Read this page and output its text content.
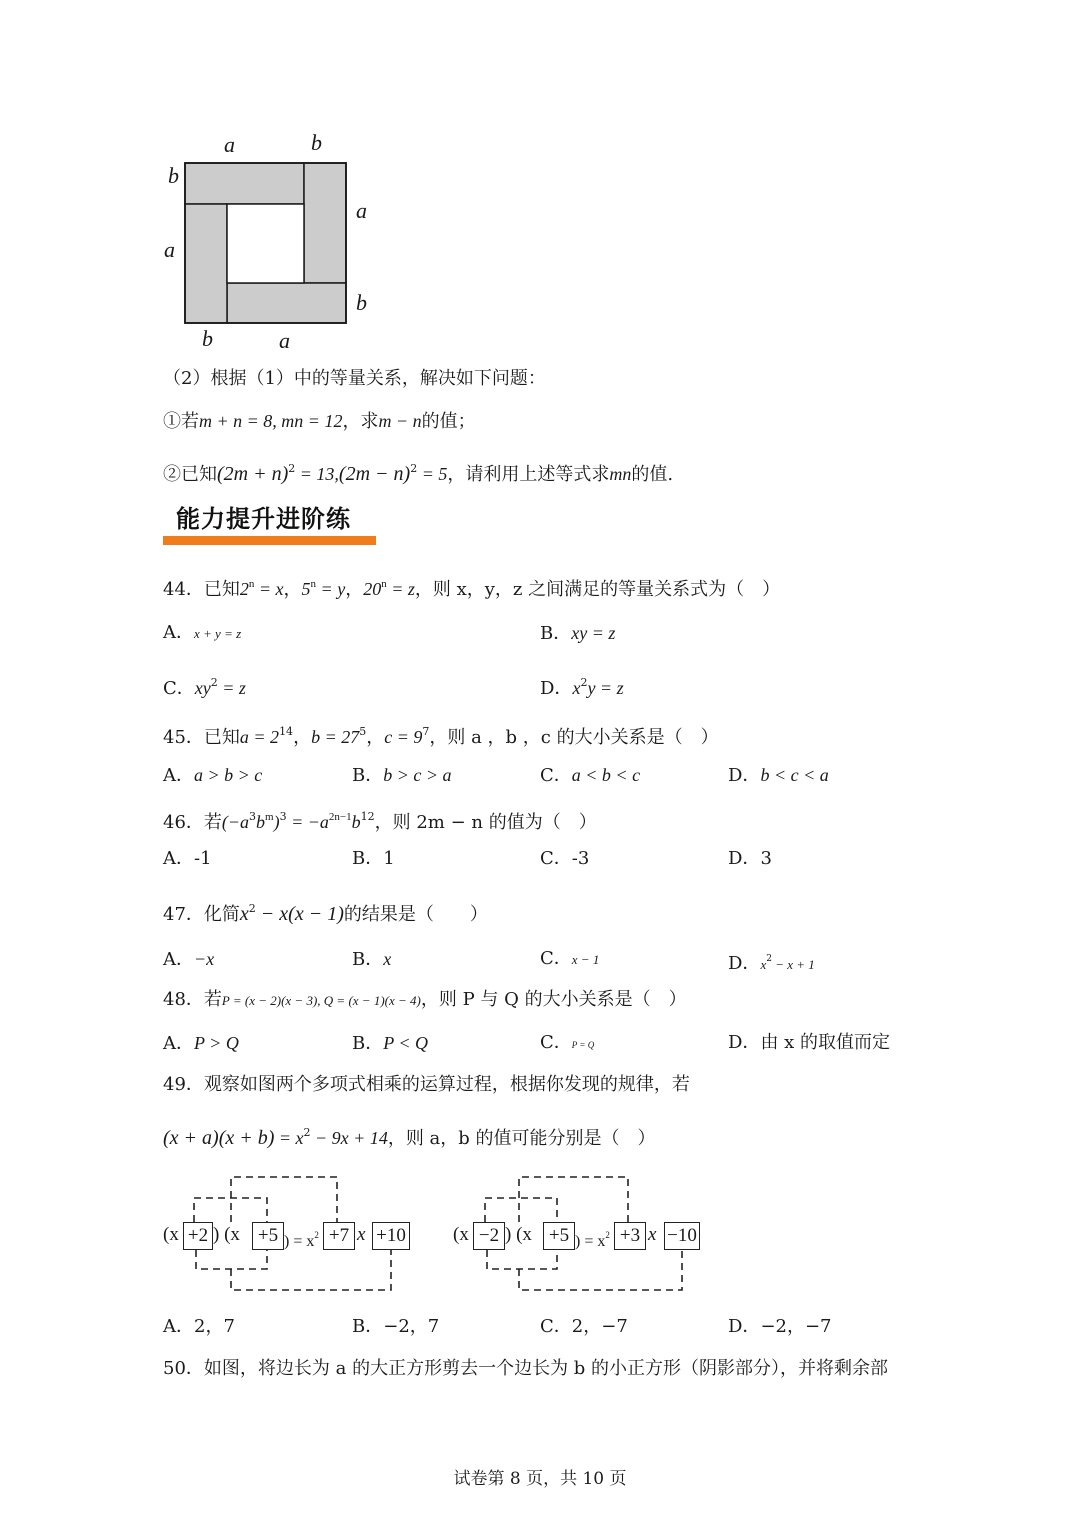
a	b
b
a
a
b
b	a
（2）根据（1）中的等量关系，解决如下问题：
①若m + n = 8, mn = 12，求m − n的值；
②已知$(2m + n)^2 = 13,(2m - n)^2 = 5$，请利用上述等式求mn的值.
能力提升进阶练
44．已知$2^n = x$，$5^n = y$，$20^n = z$，则 x，y，z 之间满足的等量关系式为（　）
A．x + y = z	B．xy = z
C．$xy^2 = z$	D．$x^2y = z$
45．已知$a = 2^{14}$，$b = 27^5$，$c = 9^7$，则 a ，b ，c 的大小关系是（　）
A．a > b > c	B．b > c > a	C．a < b < c	D．b < c < a
46．若$(-a^3b^m)^3 = -a^{2n-1}b^{12}$，则 2m − n 的值为（　）
A．-1	B．1	C．-3	D．3
47．化简$x^2 - x(x - 1)$的结果是（　　）
A．−x	B．x	C．x − 1	D．$x^2 - x + 1$
48．若P = (x − 2)(x − 3), Q = (x − 1)(x − 4)，则 P 与 Q 的大小关系是（　）
A．P > Q	B．P < Q	C．P = Q	D．由 x 的取值而定
49．观察如图两个多项式相乘的运算过程，根据你发现的规律，若
$(x + a)(x + b) = x^2 - 9x + 14$，则 a，b 的值可能分别是（　）
(x +2 ) (x +5 ) = $x^2 +7$ x +10 (x −2 ) (x +5 ) = $x^2 +3$ x −10
A．2，7	B．−2，7	C．2，−7	D．−2，−7
50．如图，将边长为 a 的大正方形剪去一个边长为 b 的小正方形（阴影部分），并将剩余部
试卷第 8 页，共 10 页
